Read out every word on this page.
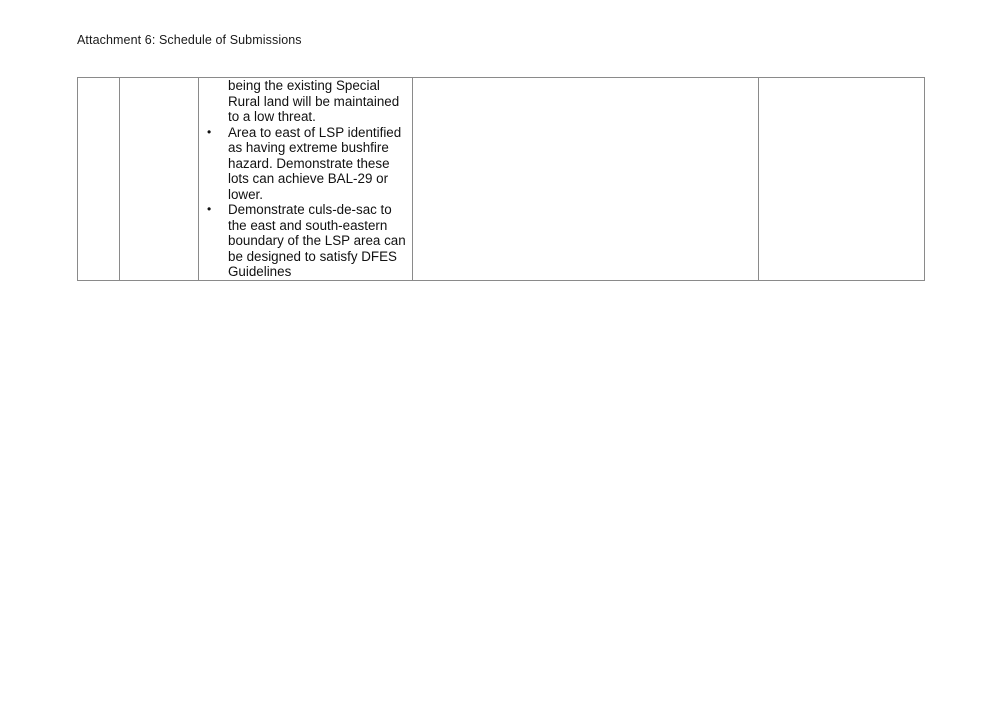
Attachment 6: Schedule of Submissions

being the existing Special Rural land will be maintained to a low threat.

• Area to east of LSP identified as having extreme bushfire hazard. Demonstrate these lots can achieve BAL-29 or lower.
• Demonstrate culs-de-sac to the east and south-eastern boundary of the LSP area can be designed to satisfy DFES Guidelines
